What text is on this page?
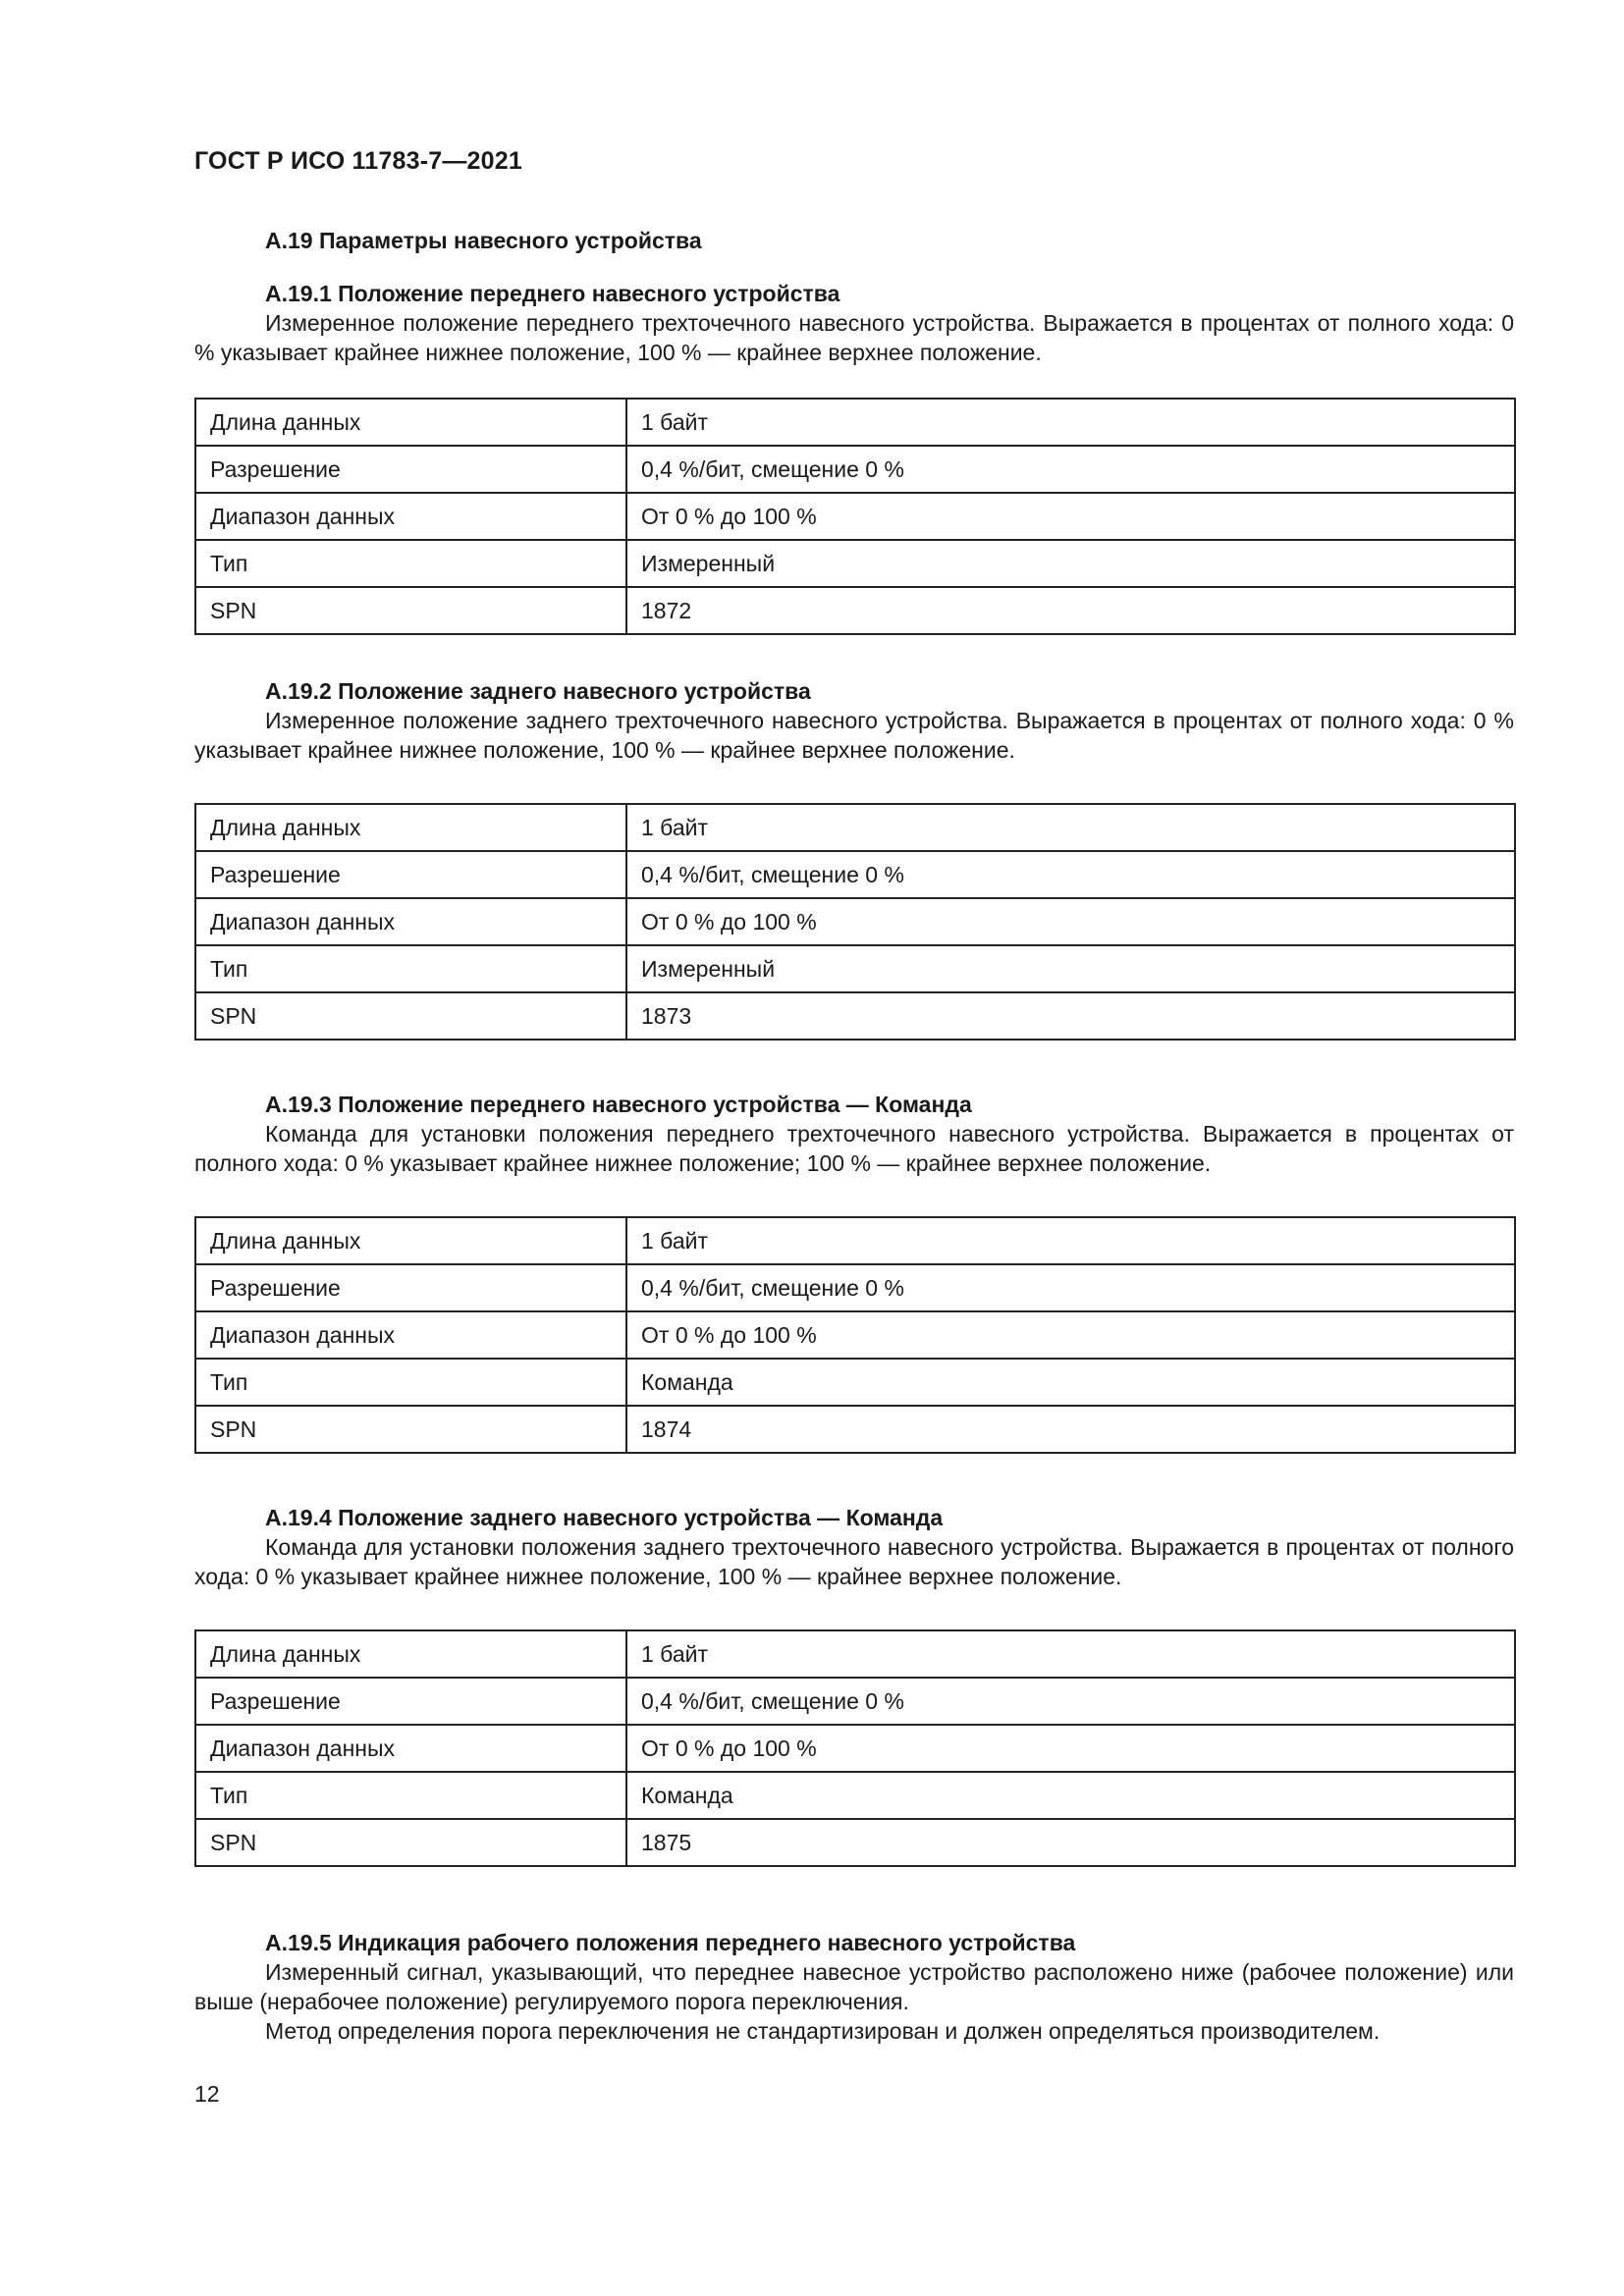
ГОСТ Р ИСО 11783-7—2021
А.19 Параметры навесного устройства

А.19.1 Положение переднего навесного устройства

Измеренное положение переднего трехточечного навесного устройства. Выражается в процентах от полного хода: 0 % указывает крайнее нижнее положение, 100 % — крайнее верхнее положение.

Длина данных	1 байт
Разрешение	0,4 %/бит, смещение 0 %
Диапазон данных	От 0 % до 100 %
Тип	Измеренный
SPN	1872

А.19.2 Положение заднего навесного устройства

Измеренное положение заднего трехточечного навесного устройства. Выражается в процентах от полного хода: 0 % указывает крайнее нижнее положение, 100 % — крайнее верхнее положение.

Длина данных	1 байт
Разрешение	0,4 %/бит, смещение 0 %
Диапазон данных	От 0 % до 100 %
Тип	Измеренный
SPN	1873

А.19.3 Положение переднего навесного устройства — Команда

Команда для установки положения переднего трехточечного навесного устройства. Выражается в процентах от полного хода: 0 % указывает крайнее нижнее положение; 100 % — крайнее верхнее положение.

Длина данных	1 байт
Разрешение	0,4 %/бит, смещение 0 %
Диапазон данных	От 0 % до 100 %
Тип	Команда
SPN	1874

А.19.4 Положение заднего навесного устройства — Команда

Команда для установки положения заднего трехточечного навесного устройства. Выражается в процентах от полного хода: 0 % указывает крайнее нижнее положение, 100 % — крайнее верхнее положение.

Длина данных	1 байт
Разрешение	0,4 %/бит, смещение 0 %
Диапазон данных	От 0 % до 100 %
Тип	Команда
SPN	1875

А.19.5 Индикация рабочего положения переднего навесного устройства

Измеренный сигнал, указывающий, что переднее навесное устройство расположено ниже (рабочее положение) или выше (нерабочее положение) регулируемого порога переключения.

Метод определения порога переключения не стандартизирован и должен определяться производителем.

12
